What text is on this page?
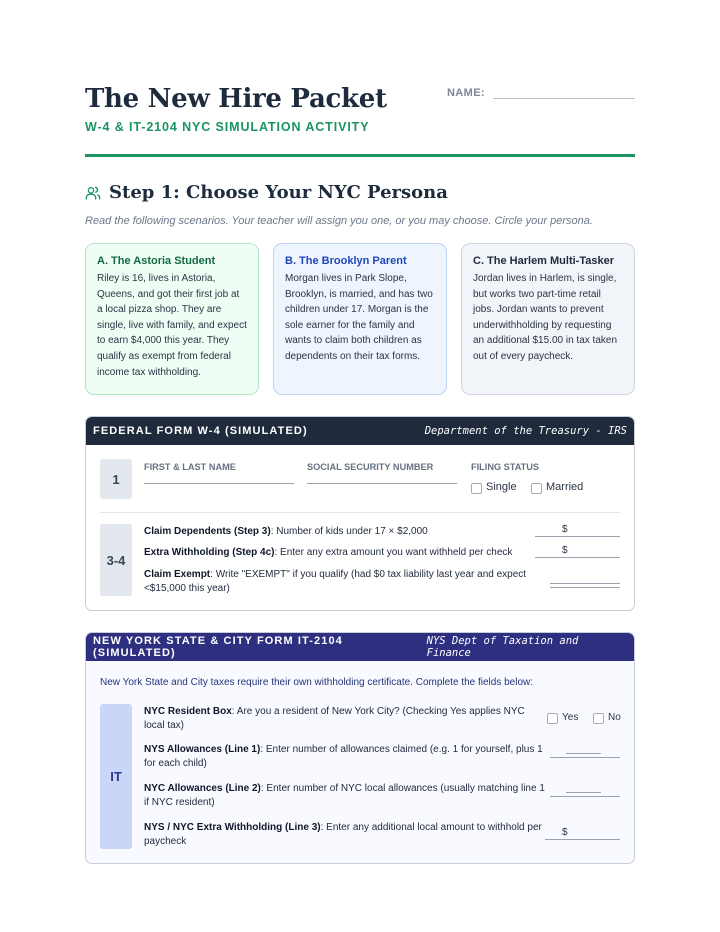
The New Hire Packet
W-4 & IT-2104 NYC SIMULATION ACTIVITY
NAME:
Step 1: Choose Your NYC Persona
Read the following scenarios. Your teacher will assign you one, or you may choose. Circle your persona.
A. The Astoria Student
Riley is 16, lives in Astoria, Queens, and got their first job at a local pizza shop. They are single, live with family, and expect to earn $4,000 this year. They qualify as exempt from federal income tax withholding.
B. The Brooklyn Parent
Morgan lives in Park Slope, Brooklyn, is married, and has two children under 17. Morgan is the sole earner for the family and wants to claim both children as dependents on their tax forms.
C. The Harlem Multi-Tasker
Jordan lives in Harlem, is single, but works two part-time retail jobs. Jordan wants to prevent underwithholding by requesting an additional $15.00 in tax taken out of every paycheck.
FEDERAL FORM W-4 (SIMULATED)	Department of the Treasury - IRS
1
FIRST & LAST NAME	SOCIAL SECURITY NUMBER	FILING STATUS
Single	Married
3-4
Claim Dependents (Step 3): Number of kids under 17 × $2,000	$
Extra Withholding (Step 4c): Enter any extra amount you want withheld per check	$
Claim Exempt: Write "EXEMPT" if you qualify (had $0 tax liability last year and expect <$15,000 this year)
NEW YORK STATE & CITY FORM IT-2104 (SIMULATED)
NYS Dept of Taxation and Finance
New York State and City taxes require their own withholding certificate. Complete the fields below:
IT
NYC Resident Box: Are you a resident of New York City? (Checking Yes applies NYC local tax)
Yes	No
NYS Allowances (Line 1): Enter number of allowances claimed (e.g. 1 for yourself, plus 1 for each child)
NYC Allowances (Line 2): Enter number of NYC local allowances (usually matching line 1 if NYC resident)
NYS / NYC Extra Withholding (Line 3): Enter any additional local amount to withhold per paycheck
$
